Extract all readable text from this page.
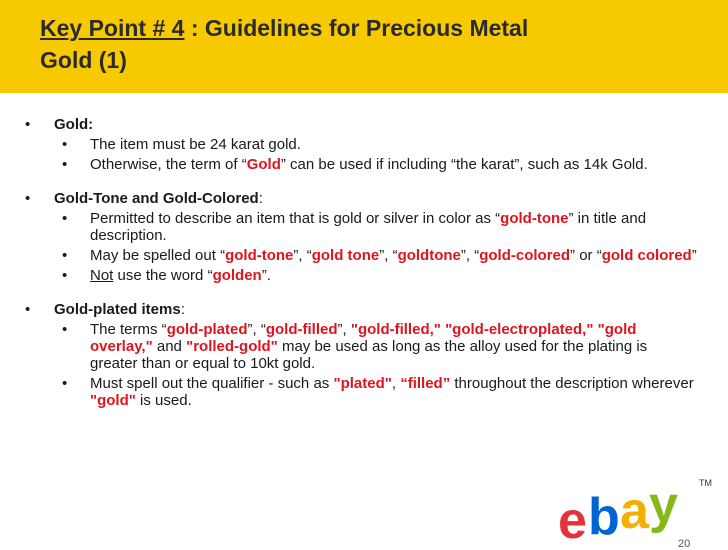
Key Point # 4 : Guidelines for Precious Metal
Gold (1)
• Gold:
• The item must be 24 karat gold.
• Otherwise, the term of “Gold” can be used if including “the karat”, such as 14k Gold.
• Gold-Tone and Gold-Colored:
• Permitted to describe an item that is gold or silver in color as “gold-tone” in title and description.
• May be spelled out “gold-tone”, “gold tone”, “goldtone”, “gold-colored” or “gold colored”
• Not use the word “golden”.
• Gold-plated items:
• The terms “gold-plated”, “gold-filled”, "gold-filled," "gold-electroplated," "gold overlay," and "rolled-gold" may be used as long as the alloy used for the plating is greater than or equal to 10kt gold.
• Must spell out the qualifier - such as "plated", “filled” throughout the description wherever "gold" is used.
e b a y TM
20
